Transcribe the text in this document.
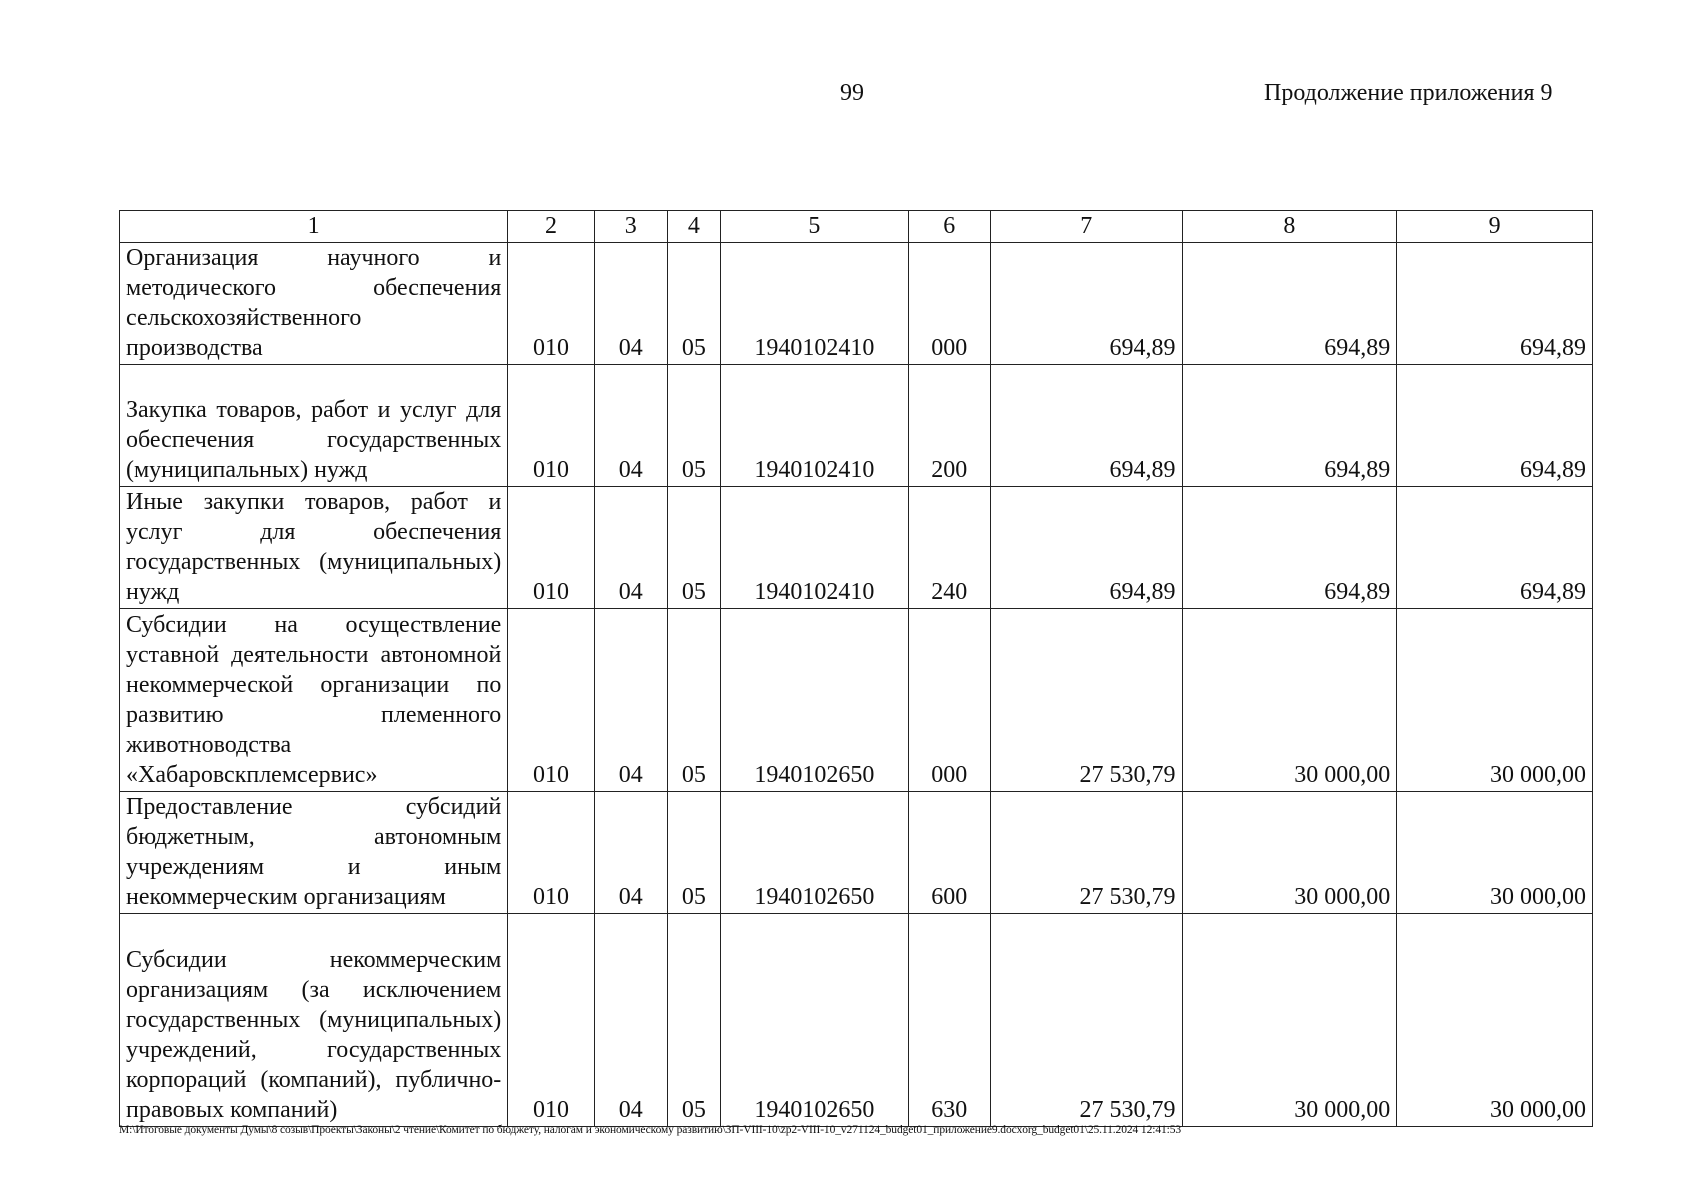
99	Продолжение приложения 9
1	2	3	4	5	6	7	8	9
Организация научного и методического обеспечения сельскохозяйственного производства	010	04	05	1940102410	000	694,89	694,89	694,89
Закупка товаров, работ и услуг для обеспечения государственных (муниципальных) нужд	010	04	05	1940102410	200	694,89	694,89	694,89
Иные закупки товаров, работ и услуг для обеспечения государственных (муниципальных) нужд	010	04	05	1940102410	240	694,89	694,89	694,89
Субсидии на осуществление уставной деятельности автономной некоммерческой организации по развитию племенного животноводства «Хабаровскплемсервис»	010	04	05	1940102650	000	27 530,79	30 000,00	30 000,00
Предоставление субсидий бюджетным, автономным учреждениям и иным некоммерческим организациям	010	04	05	1940102650	600	27 530,79	30 000,00	30 000,00
Субсидии некоммерческим организациям (за исключением государственных (муниципальных) учреждений, государственных корпораций (компаний), публично-правовых компаний)	010	04	05	1940102650	630	27 530,79	30 000,00	30 000,00
М:\Итоговые документы Думы\8 созыв\Проекты\Законы\2 чтение\Комитет по бюджету, налогам и экономическому развитию\ЗП-VIII-10\zp2-VIII-10_v271124_budget01_приложение9.docxorg_budget01\25.11.2024 12:41:53
